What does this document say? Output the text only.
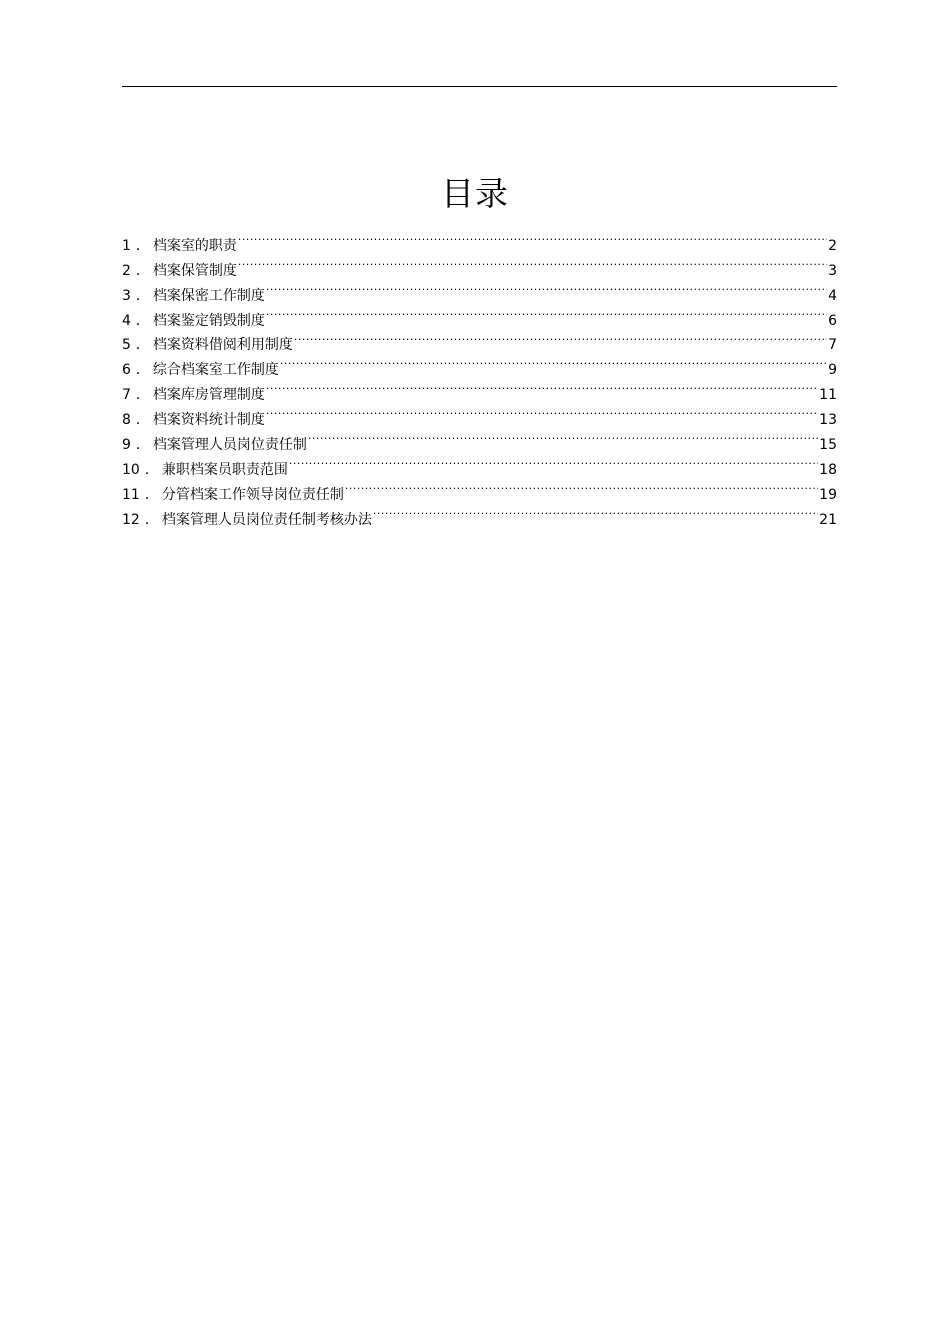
目录
1 ． 档案室的职责 .....	2
2 ． 档案保管制度 .....	3
3 ． 档案保密工作制度 .....	4
4 ． 档案鉴定销毁制度 .....	6
5 ． 档案资料借阅利用制度 .....	7
6 ． 综合档案室工作制度 .....	9
7 ． 档案库房管理制度 .....	11
8 ． 档案资料统计制度 .....	13
9 ． 档案管理人员岗位责任制 .....	15
10 ． 兼职档案员职责范围 .....	18
11 ． 分管档案工作领导岗位责任制 .....	19
12 ． 档案管理人员岗位责任制考核办法 .....	21
